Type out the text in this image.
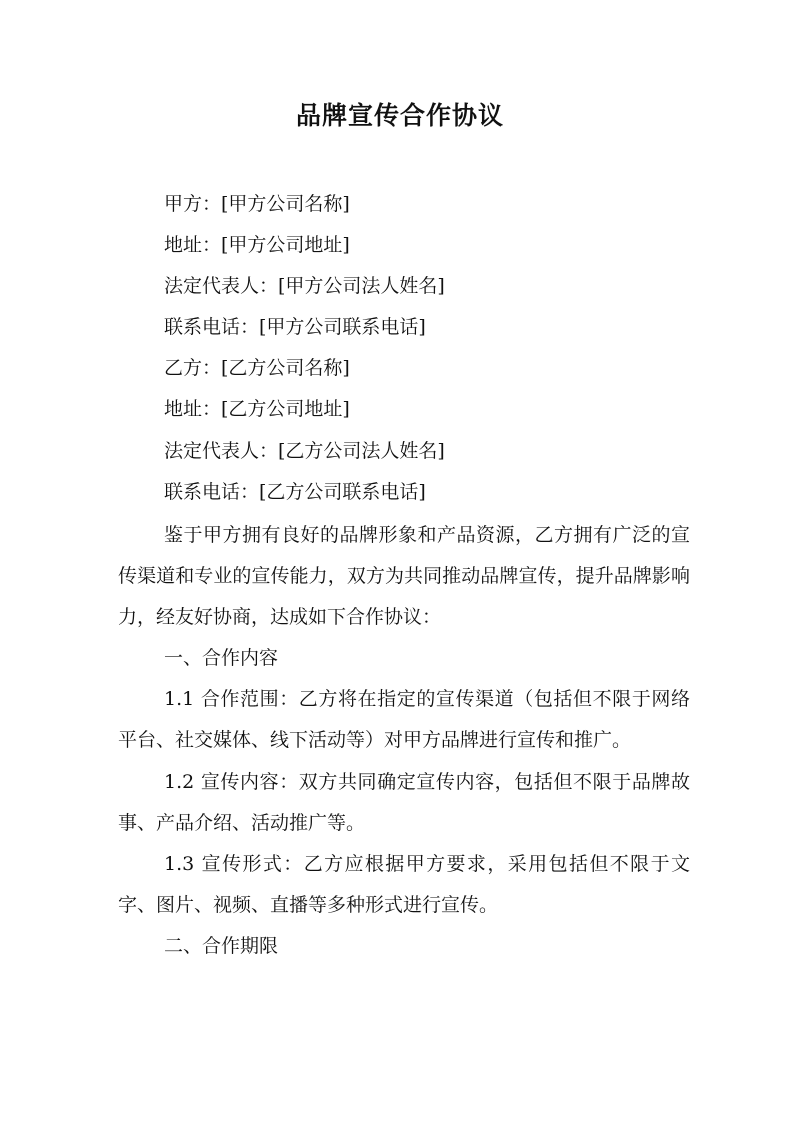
品牌宣传合作协议
甲方：[甲方公司名称]
地址：[甲方公司地址]
法定代表人：[甲方公司法人姓名]
联系电话：[甲方公司联系电话]
乙方：[乙方公司名称]
地址：[乙方公司地址]
法定代表人：[乙方公司法人姓名]
联系电话：[乙方公司联系电话]

鉴于甲方拥有良好的品牌形象和产品资源，乙方拥有广泛的宣传渠道和专业的宣传能力，双方为共同推动品牌宣传，提升品牌影响力，经友好协商，达成如下合作协议：

一、合作内容

1.1 合作范围：乙方将在指定的宣传渠道（包括但不限于网络平台、社交媒体、线下活动等）对甲方品牌进行宣传和推广。

1.2 宣传内容：双方共同确定宣传内容，包括但不限于品牌故事、产品介绍、活动推广等。

1.3 宣传形式：乙方应根据甲方要求，采用包括但不限于文字、图片、视频、直播等多种形式进行宣传。

二、合作期限
